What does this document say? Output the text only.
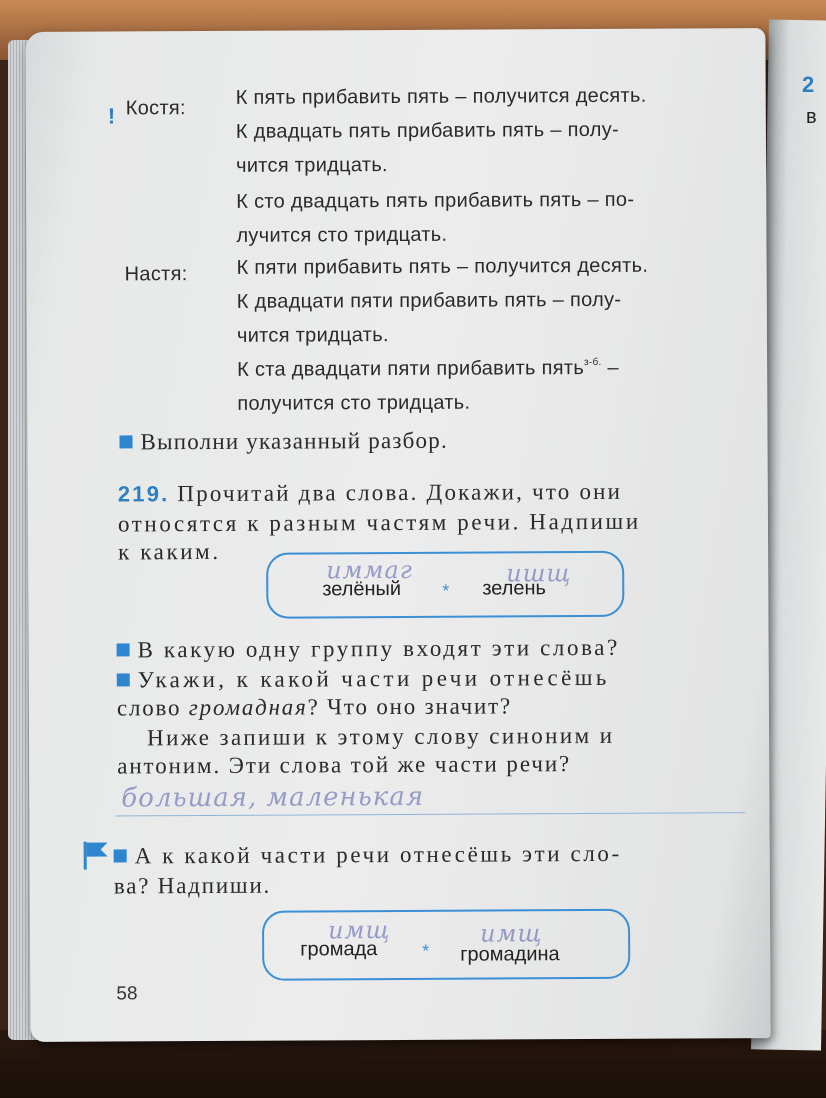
2
в
! Костя: К пять прибавить пять – получится десять.
К двадцать пять прибавить пять – полу-
чится тридцать.
К сто двадцать пять прибавить пять – по-
лучится сто тридцать.
Настя: К пяти прибавить пять – получится десять.
К двадцати пяти прибавить пять – полу-
чится тридцать.
К ста двадцати пяти прибавить пять$^{з-б.}$ –
получится сто тридцать.
Выполни указанный разбор.
219. Прочитай два слова. Докажи, что они
относятся к разным частям речи. Надпиши
к каким.
иммаг	ишщ
зелёный * зелень
В какую одну группу входят эти слова?
Укажи, к какой части речи отнесёшь
слово громадная? Что оно значит?
Ниже запиши к этому слову синоним и
антоним. Эти слова той же части речи?
большая, маленькая
А к какой части речи отнесёшь эти сло-
ва? Надпиши.
имщ	имщ
громада * громадина
58
